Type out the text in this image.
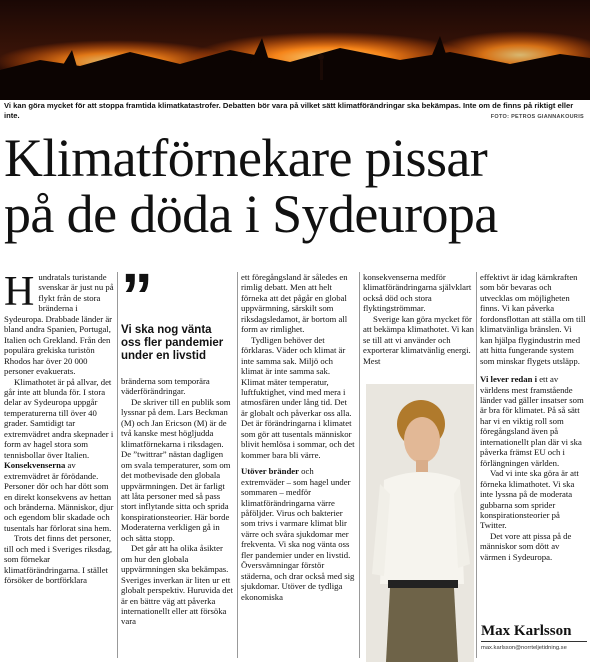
Vi kan göra mycket för att stoppa framtida klimatkatastrofer. Debatten bör vara på vilket sätt klimatförändringar ska bekämpas. Inte om de finns på riktigt eller inte.	FOTO: PETROS GIANNAKOURIS
Klimatförnekare pissar
på de döda i Sydeuropa

Hundratals turistande svenskar är just nu på flykt från de stora bränderna i Sydeuropa. Drabbade länder är bland andra Spanien, Portugal, Italien och Grekland. Från den populära grekiska turistön Rhodos har över 20 000 personer evakuerats.

Klimathotet är på allvar, det går inte att blunda för. I stora delar av Sydeuropa uppgår temperaturerna till över 40 grader. Samtidigt tar extremvädret andra skepnader i form av hagel stora som tennisbollar över Italien.

Konsekvenserna av extremvädret är förödande. Personer dör och har dött som en direkt konsekvens av hettan och bränderna. Människor, djur och egendom blir skadade och tusentals har förlorat sina hem.

Trots det finns det personer, till och med i Sveriges riksdag, som förnekar klimatförändringarna. I stället försöker de bortförklara

”
Vi ska nog vänta oss fler pandemier under en livstid

bränderna som temporära väderförändringar.

De skriver till en publik som lyssnar på dem. Lars Beckman (M) och Jan Ericson (M) är de två kanske mest högljudda klimatförnekarna i riksdagen. De ”twittrar” nästan dagligen om svala temperaturer, som om det motbevisade den globala uppvärmningen. Det är farligt att låta personer med så pass stort inflytande sitta och sprida konspirationsteorier. Här borde Moderaterna verkligen gå in och sätta stopp.

Det går att ha olika åsikter om hur den globala uppvärmningen ska bekämpas. Sveriges inverkan är liten ur ett globalt perspektiv. Huruvida det är en bättre väg att påverka internationellt eller att försöka vara

ett föregångsland är således en rimlig debatt. Men att helt förneka att det pågår en global uppvärmning, särskilt som riksdagsledamot, är bortom all form av rimlighet.

Tydligen behöver det förklaras. Väder och klimat är inte samma sak. Miljö och klimat är inte samma sak. Klimat mäter temperatur, luftfuktighet, vind med mera i atmosfären under lång tid. Det är globalt och påverkar oss alla. Det är förändringarna i klimatet som gör att tusentals människor blivit hemlösa i sommar, och det kommer bara bli värre.

Utöver bränder och extremväder – som hagel under sommaren – medför klimatförändringarna värre påföljder. Virus och bakterier som trivs i varmare klimat blir värre och svåra sjukdomar mer frekventa. Vi ska nog vänta oss fler pandemier under en livstid. Översvämningar förstör städerna, och drar också med sig sjukdomar. Utöver de tydliga ekonomiska

konsekvenserna medför klimatförändringarna självklart också död och stora flyktingströmmar.

Sverige kan göra mycket för att bekämpa klimathotet. Vi kan se till att vi använder och exporterar klimatvänlig energi. Mest

effektivt är idag kärnkraften som bör bevaras och utvecklas om möjligheten finns. Vi kan påverka fordonsflottan att ställa om till klimatvänliga bränslen. Vi kan hjälpa flygindustrin med att hitta fungerande system som minskar flygets utsläpp.

Vi lever redan i ett av världens mest framstående länder vad gäller insatser som är bra för klimatet. På så sätt har vi en viktig roll som föregångsland även på internationellt plan där vi ska påverka främst EU och i förlängningen världen.

Vad vi inte ska göra är att förneka klimathotet. Vi ska inte lyssna på de moderata gubbarna som sprider konspirationsteorier på Twitter.

Det vore att pissa på de människor som dött av värmen i Sydeuropa.

Max Karlsson
max.karlsson@norrteljetidning.se
